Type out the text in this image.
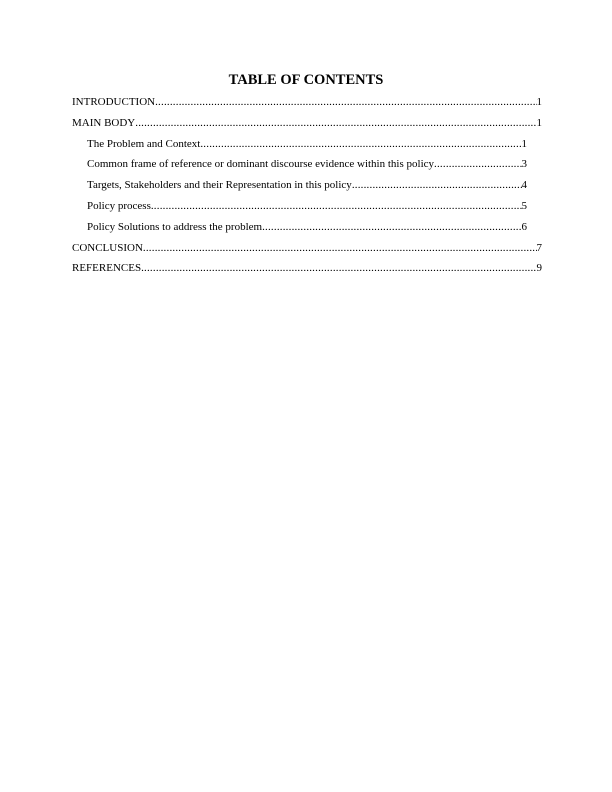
TABLE OF CONTENTS
INTRODUCTION .....	1
MAIN BODY .....	1
The Problem and Context .....	1
Common frame of reference or dominant discourse evidence within this policy .....	3
Targets, Stakeholders and their Representation in this policy .....	4
Policy process .....	5
Policy Solutions to address the problem .....	6
CONCLUSION .....	7
REFERENCES .....	9
